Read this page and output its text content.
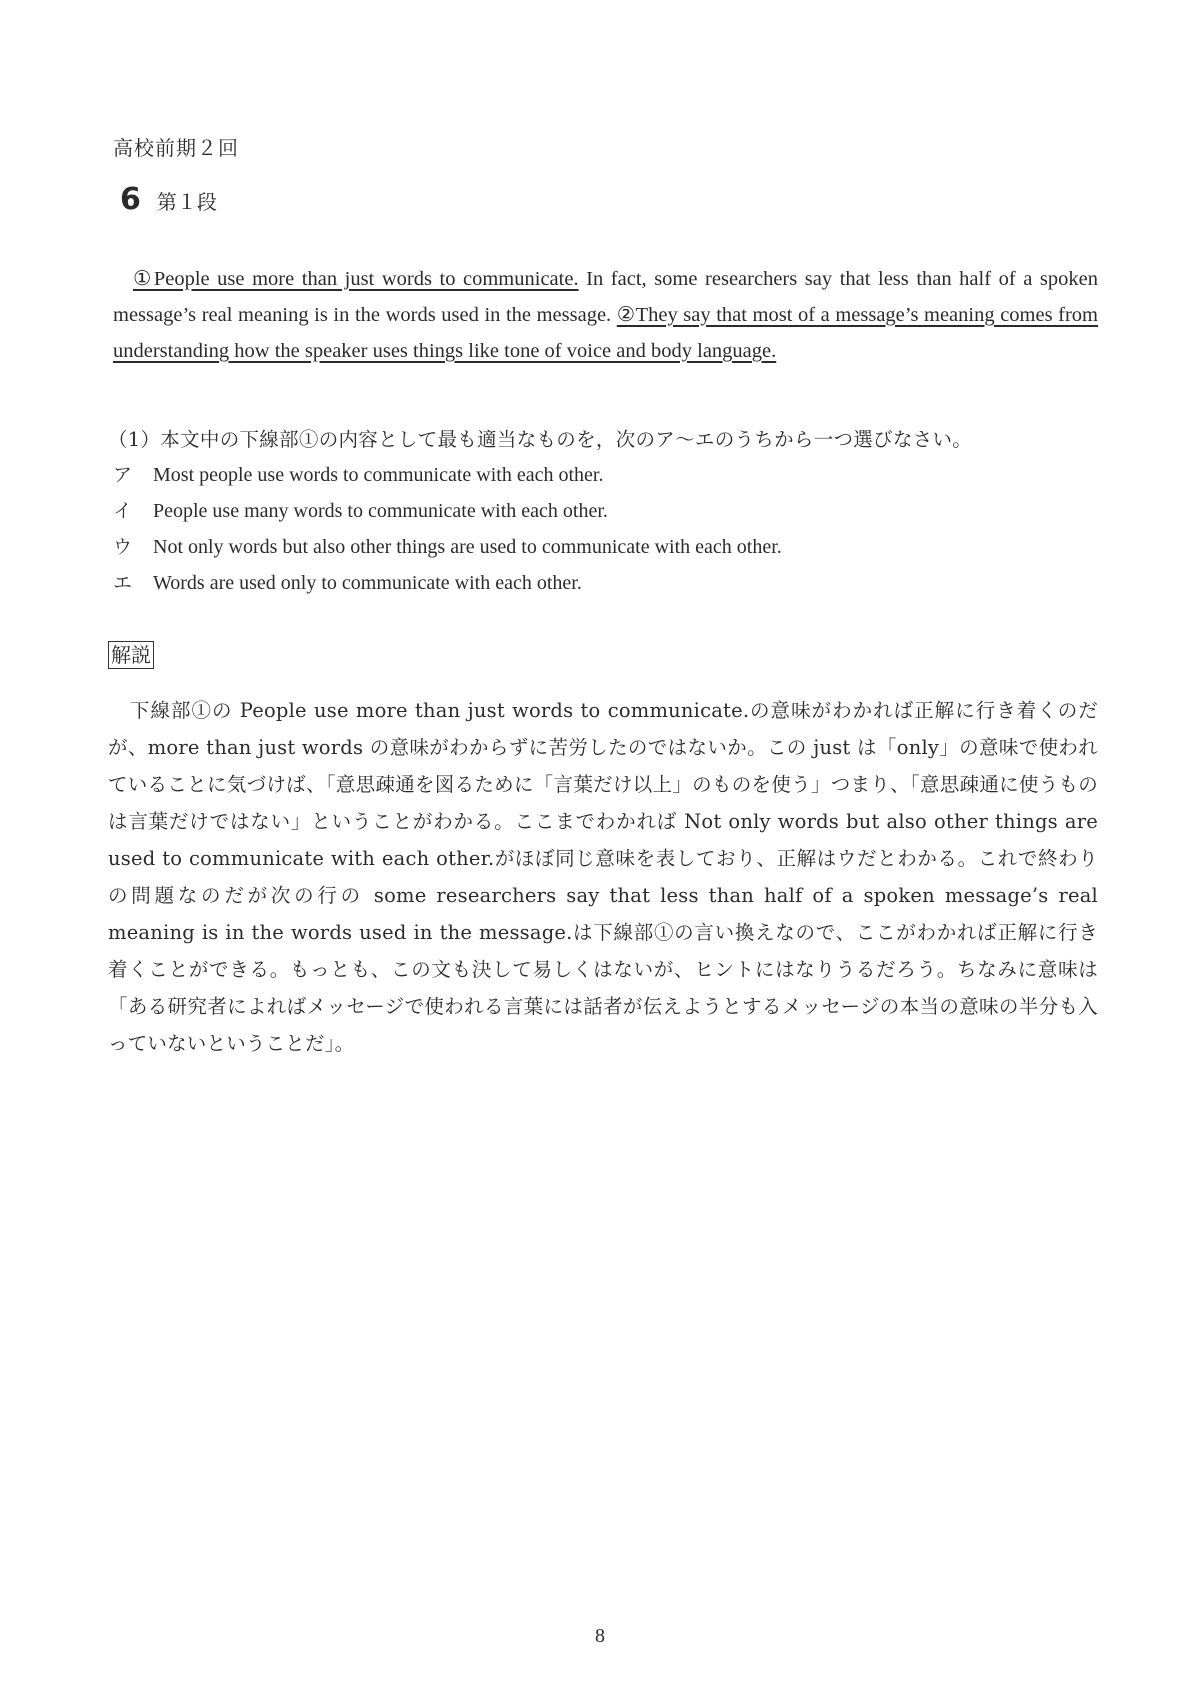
高校前期２回
6 第１段

①People use more than just words to communicate. In fact, some researchers say that less than half of a spoken message’s real meaning is in the words used in the message. ②They say that most of a message’s meaning comes from understanding how the speaker uses things like tone of voice and body language.

（1）本文中の下線部①の内容として最も適当なものを，次のア～エのうちから一つ選びなさい。
ア	Most people use words to communicate with each other.
イ	People use many words to communicate with each other.
ウ	Not only words but also other things are used to communicate with each other.
エ	Words are used only to communicate with each other.
解説

下線部①の People use more than just words to communicate.の意味がわかれば正解に行き着くのだが、more than just words の意味がわからずに苦労したのではないか。この just は「only」の意味で使われていることに気づけば、「意思疎通を図るために「言葉だけ以上」のものを使う」つまり、「意思疎通に使うものは言葉だけではない」ということがわかる。ここまでわかれば Not only words but also other things are used to communicate with each other.がほぼ同じ意味を表しており、正解はウだとわかる。これで終わりの問題なのだが次の行の some researchers say that less than half of a spoken message’s real meaning is in the words used in the message.は下線部①の言い換えなので、ここがわかれば正解に行き着くことができる。もっとも、この文も決して易しくはないが、ヒントにはなりうるだろう。ちなみに意味は「ある研究者によればメッセージで使われる言葉には話者が伝えようとするメッセージの本当の意味の半分も入っていないということだ」。

8
